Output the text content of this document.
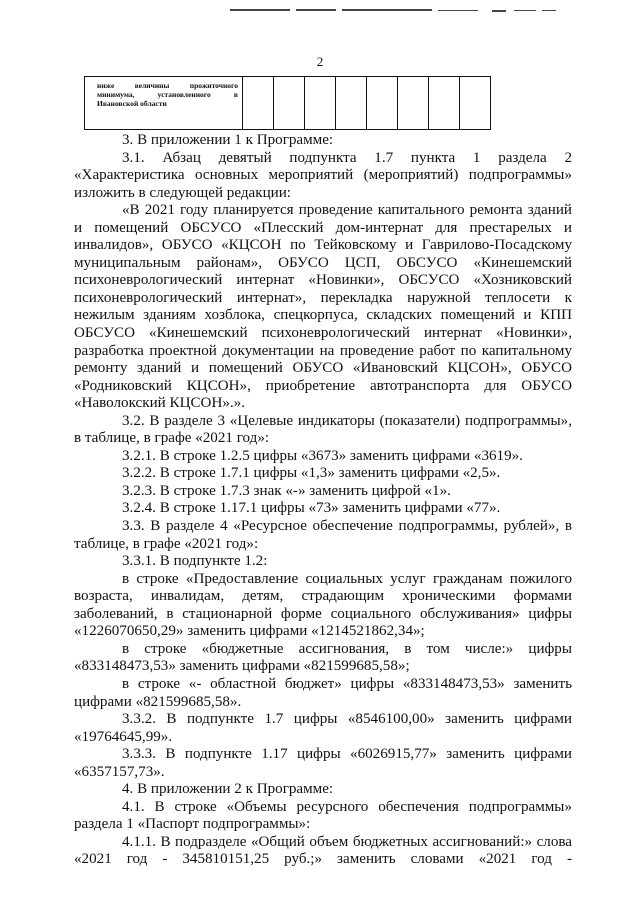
2
ниже величины прожиточного минимума, установленного в Ивановской области								

3. В приложении 1 к Программе:

3.1. Абзац девятый подпункта 1.7 пункта 1 раздела 2 «Характеристика основных мероприятий (мероприятий) подпрограммы» изложить в следующей редакции:

«В 2021 году планируется проведение капитального ремонта зданий и помещений ОБСУСО «Плесский дом-интернат для престарелых и инвалидов», ОБУСО «КЦСОН по Тейковскому и Гаврилово-Посадскому муниципальным районам», ОБУСО ЦСП, ОБСУСО «Кинешемский психоневрологический интернат «Новинки», ОБСУСО «Хозниковский психоневрологический интернат», перекладка наружной теплосети к нежилым зданиям хозблока, спецкорпуса, складских помещений и КПП ОБСУСО «Кинешемский психоневрологический интернат «Новинки», разработка проектной документации на проведение работ по капитальному ремонту зданий и помещений ОБУСО «Ивановский КЦСОН», ОБУСО «Родниковский КЦСОН», приобретение автотранспорта для ОБУСО «Наволокский КЦСОН».».

3.2. В разделе 3 «Целевые индикаторы (показатели) подпрограммы», в таблице, в графе «2021 год»:

3.2.1. В строке 1.2.5 цифры «3673» заменить цифрами «3619».

3.2.2. В строке 1.7.1 цифры «1,3» заменить цифрами «2,5».

3.2.3. В строке 1.7.3 знак «-» заменить цифрой «1».

3.2.4. В строке 1.17.1 цифры «73» заменить цифрами «77».

3.3. В разделе 4 «Ресурсное обеспечение подпрограммы, рублей», в таблице, в графе «2021 год»:

3.3.1. В подпункте 1.2:

в строке «Предоставление социальных услуг гражданам пожилого возраста, инвалидам, детям, страдающим хроническими формами заболеваний, в стационарной форме социального обслуживания» цифры «1226070650,29» заменить цифрами «1214521862,34»;

в строке «бюджетные ассигнования, в том числе:» цифры «833148473,53» заменить цифрами «821599685,58»;

в строке «- областной бюджет» цифры «833148473,53» заменить цифрами «821599685,58».

3.3.2. В подпункте 1.7 цифры «8546100,00» заменить цифрами «19764645,99».

3.3.3. В подпункте 1.17 цифры «6026915,77» заменить цифрами «6357157,73».

4. В приложении 2 к Программе:

4.1. В строке «Объемы ресурсного обеспечения подпрограммы» раздела 1 «Паспорт подпрограммы»:

4.1.1. В подразделе «Общий объем бюджетных ассигнований:» слова «2021 год - 345810151,25 руб.;» заменить словами «2021 год -
